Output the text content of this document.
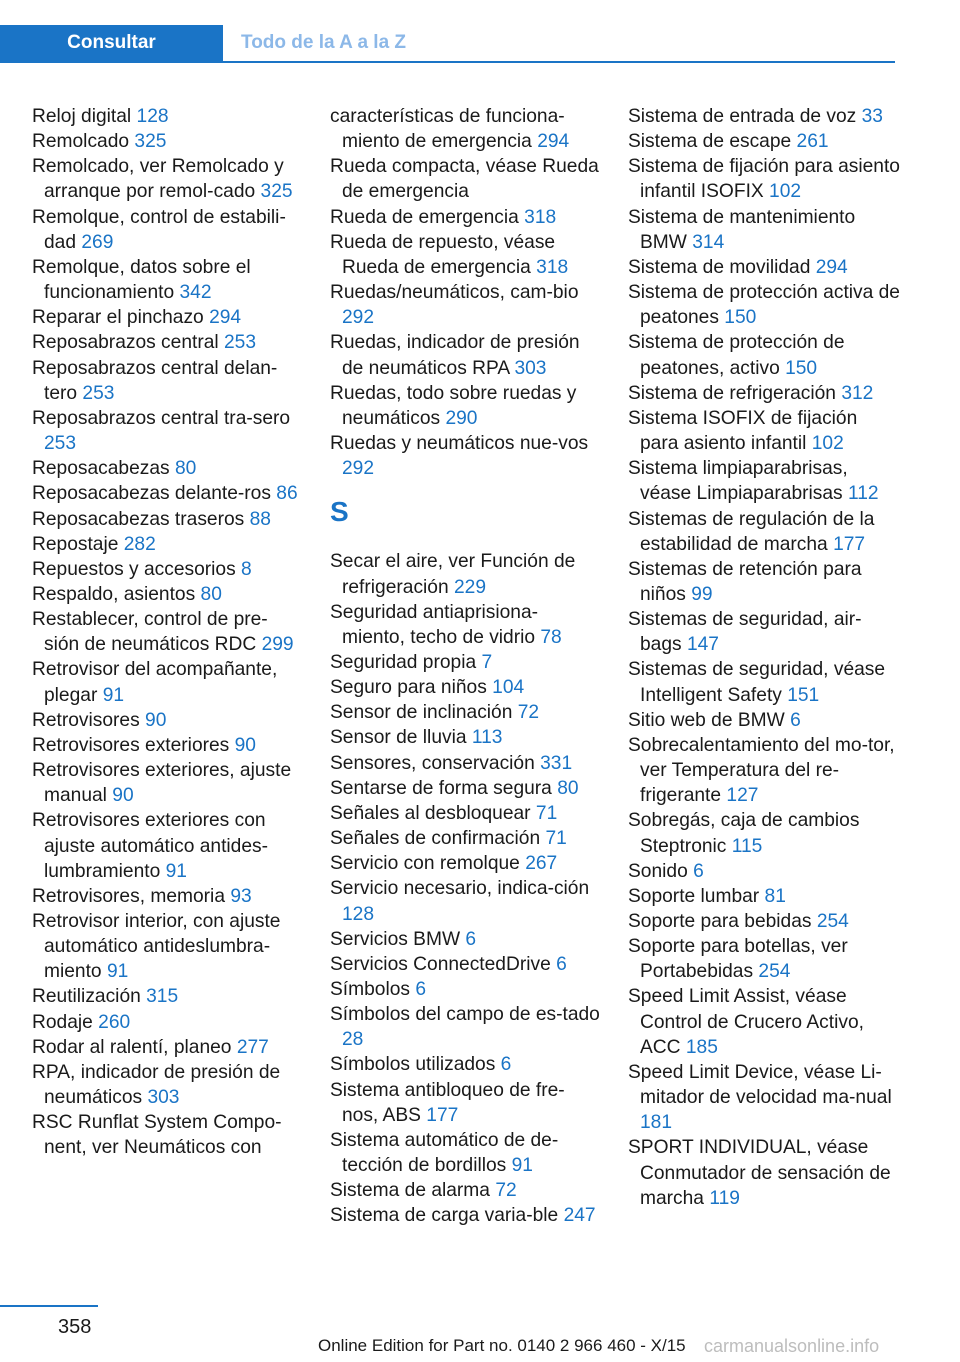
Consultar	Todo de la A a la Z
Reloj digital 128
Remolcado 325
Remolcado, ver Remolcado y arranque por remol-cado 325
Remolque, control de estabili-dad 269
Remolque, datos sobre el funcionamiento 342
Reparar el pinchazo 294
Reposabrazos central 253
Reposabrazos central delan-tero 253
Reposabrazos central tra-sero 253
Reposacabezas 80
Reposacabezas delante-ros 86
Reposacabezas traseros 88
Repostaje 282
Repuestos y accesorios 8
Respaldo, asientos 80
Restablecer, control de pre-sión de neumáticos RDC 299
Retrovisor del acompañante, plegar 91
Retrovisores 90
Retrovisores exteriores 90
Retrovisores exteriores, ajuste manual 90
Retrovisores exteriores con ajuste automático antides-lumbramiento 91
Retrovisores, memoria 93
Retrovisor interior, con ajuste automático antideslumbra-miento 91
Reutilización 315
Rodaje 260
Rodar al ralentí, planeo 277
RPA, indicador de presión de neumáticos 303
RSC Runflat System Compo-nent, ver Neumáticos con
características de funciona-miento de emergencia 294
Rueda compacta, véase Rueda de emergencia
Rueda de emergencia 318
Rueda de repuesto, véase Rueda de emergencia 318
Ruedas/neumáticos, cam-bio 292
Ruedas, indicador de presión de neumáticos RPA 303
Ruedas, todo sobre ruedas y neumáticos 290
Ruedas y neumáticos nue-vos 292
S
Secar el aire, ver Función de refrigeración 229
Seguridad antiaprisiona-miento, techo de vidrio 78
Seguridad propia 7
Seguro para niños 104
Sensor de inclinación 72
Sensor de lluvia 113
Sensores, conservación 331
Sentarse de forma segura 80
Señales al desbloquear 71
Señales de confirmación 71
Servicio con remolque 267
Servicio necesario, indica-ción 128
Servicios BMW 6
Servicios ConnectedDrive 6
Símbolos 6
Símbolos del campo de es-tado 28
Símbolos utilizados 6
Sistema antibloqueo de fre-nos, ABS 177
Sistema automático de de-tección de bordillos 91
Sistema de alarma 72
Sistema de carga varia-ble 247
Sistema de entrada de voz 33
Sistema de escape 261
Sistema de fijación para asiento infantil ISOFIX 102
Sistema de mantenimiento BMW 314
Sistema de movilidad 294
Sistema de protección activa de peatones 150
Sistema de protección de peatones, activo 150
Sistema de refrigeración 312
Sistema ISOFIX de fijación para asiento infantil 102
Sistema limpiaparabrisas, véase Limpiaparabrisas 112
Sistemas de regulación de la estabilidad de marcha 177
Sistemas de retención para niños 99
Sistemas de seguridad, air-bags 147
Sistemas de seguridad, véase Intelligent Safety 151
Sitio web de BMW 6
Sobrecalentamiento del mo-tor, ver Temperatura del re-frigerante 127
Sobregás, caja de cambios Steptronic 115
Sonido 6
Soporte lumbar 81
Soporte para bebidas 254
Soporte para botellas, ver Portabebidas 254
Speed Limit Assist, véase Control de Crucero Activo, ACC 185
Speed Limit Device, véase Li-mitador de velocidad ma-nual 181
SPORT INDIVIDUAL, véase Conmutador de sensación de marcha 119
358
Online Edition for Part no. 0140 2 966 460 - X/15 carmanualsonline.info
